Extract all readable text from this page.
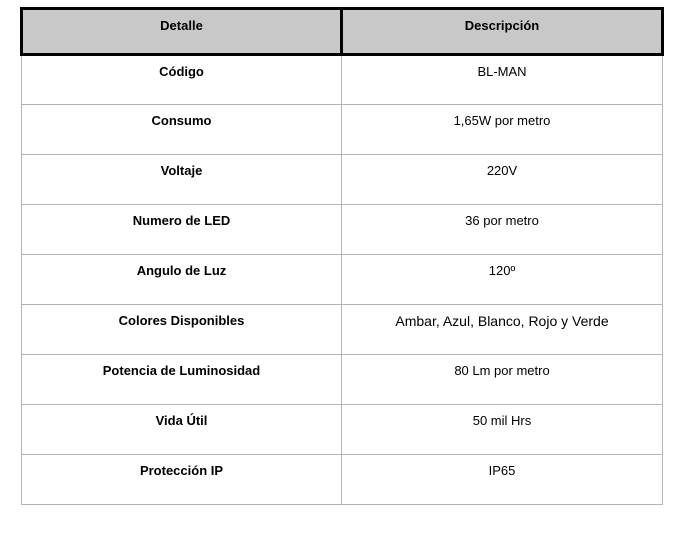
Detalle	Descripción
Código	BL-MAN
Consumo	1,65W por metro
Voltaje	220V
Numero de LED	36 por metro
Angulo de Luz	120º
Colores Disponibles	Ambar, Azul, Blanco, Rojo y Verde
Potencia de Luminosidad	80 Lm por metro
Vida Útil	50 mil Hrs
Protección IP	IP65
